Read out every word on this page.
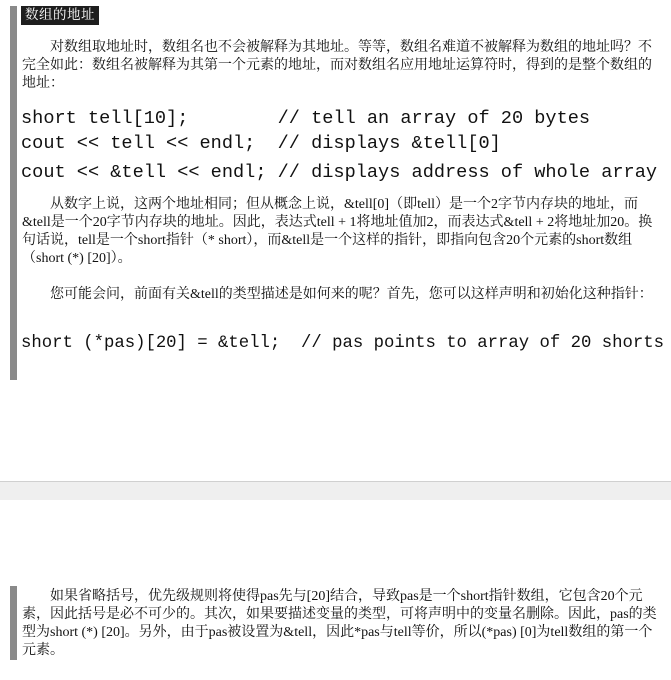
数组的地址

对数组取地址时，数组名也不会被解释为其地址。等等，数组名难道不被解释为数组的地址吗？不完全如此：数组名被解释为其第一个元素的地址，而对数组名应用地址运算符时，得到的是整个数组的地址：

short tell[10];        // tell an array of 20 bytes
cout << tell << endl;  // displays &tell[0]
cout << &tell << endl; // displays address of whole array

从数字上说，这两个地址相同；但从概念上说，&tell[0]（即tell）是一个2字节内存块的地址，而&tell是一个20字节内存块的地址。因此，表达式tell + 1将地址值加2，而表达式&tell + 2将地址加20。换句话说，tell是一个short指针（* short），而&tell是一个这样的指针，即指向包含20个元素的short数组（short (*) [20]）。

您可能会问，前面有关&tell的类型描述是如何来的呢？首先，您可以这样声明和初始化这种指针：

short (*pas)[20] = &tell;  // pas points to array of 20 shorts

如果省略括号，优先级规则将使得pas先与[20]结合，导致pas是一个short指针数组，它包含20个元素，因此括号是必不可少的。其次，如果要描述变量的类型，可将声明中的变量名删除。因此，pas的类型为short (*) [20]。另外，由于pas被设置为&tell，因此*pas与tell等价，所以(*pas) [0]为tell数组的第一个元素。
